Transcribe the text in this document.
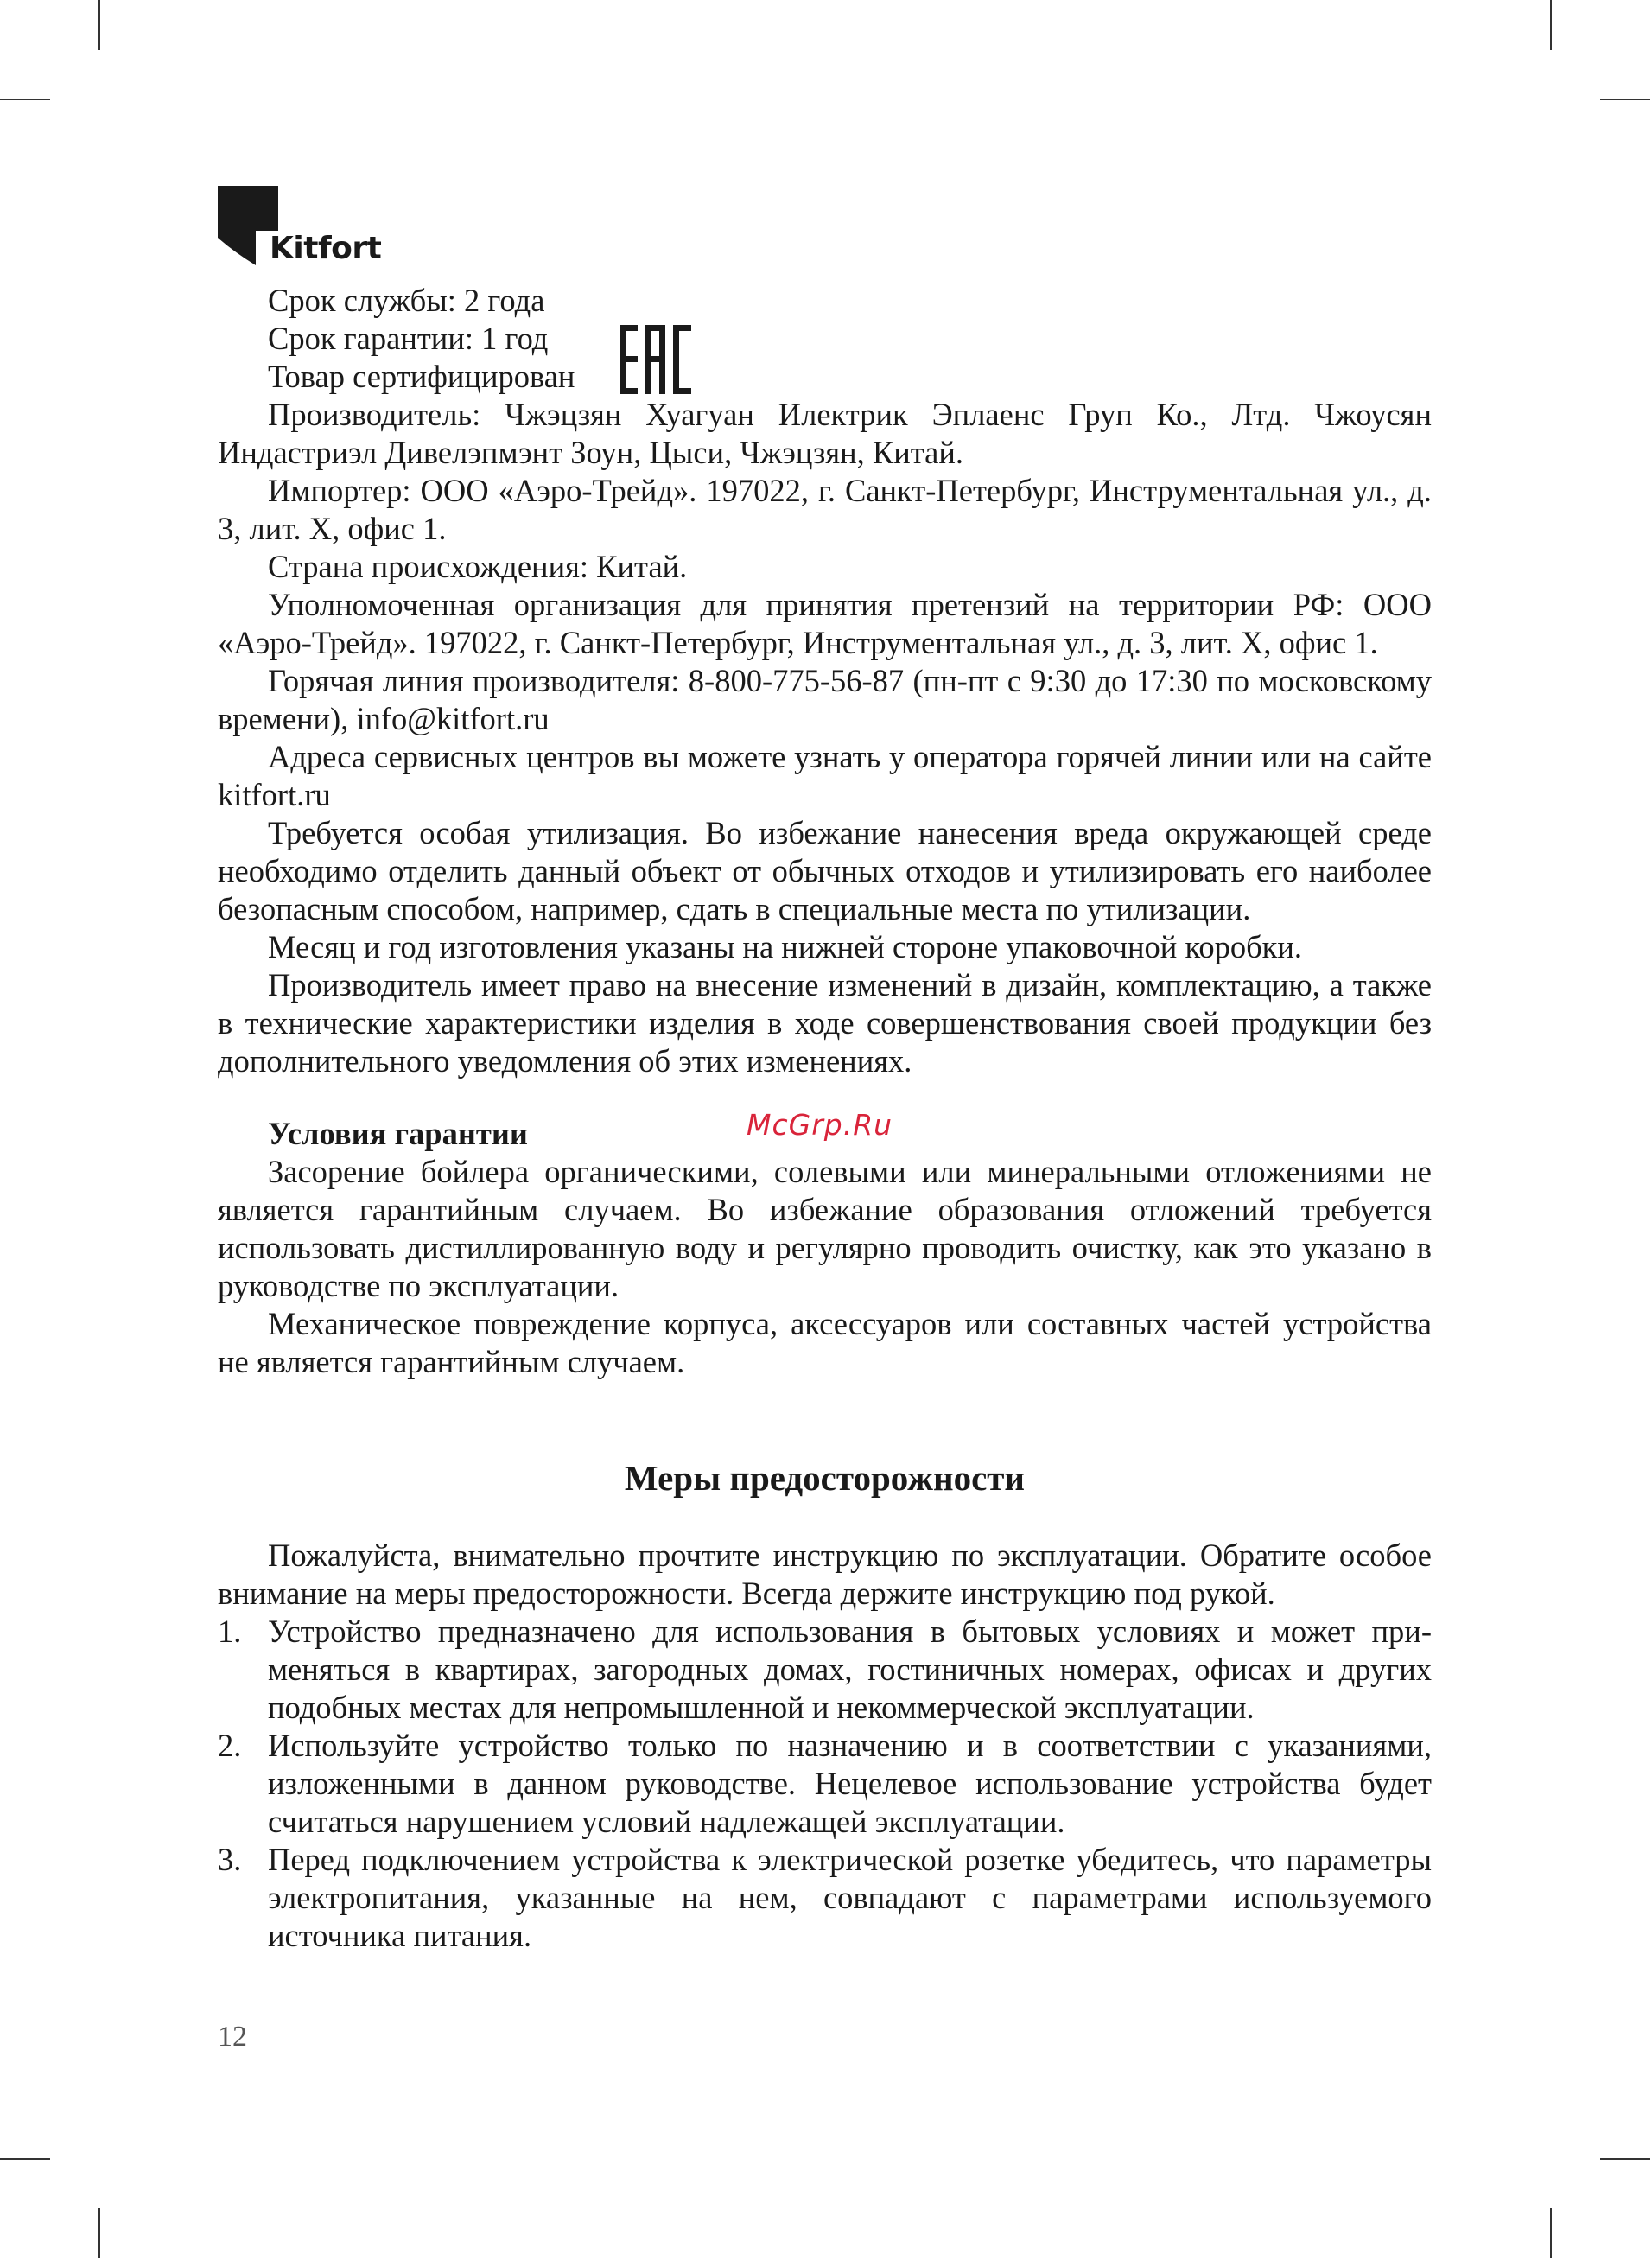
Kitfort

Срок службы: 2 года

Срок гарантии: 1 год

Товар сертифицирован

Производитель: Чжэцзян Хуагуан Илектрик Эплаенс Груп Ко., Лтд. Чжоусян Индастриэл Дивелэпмэнт Зоун, Цыси, Чжэцзян, Китай.

Импортер: ООО «Аэро-Трейд». 197022, г. Санкт-Петербург, Инструментальная ул., д. 3, лит. Х, офис 1.

Страна происхождения: Китай.

Уполномоченная организация для принятия претензий на территории РФ: ООО «Аэро-Трейд». 197022, г. Санкт-Петербург, Инструментальная ул., д. 3, лит. Х, офис 1.

Горячая линия производителя: 8-800-775-56-87 (пн-пт с 9:30 до 17:30 по московскому времени), info@kitfort.ru

Адреса сервисных центров вы можете узнать у оператора горячей линии или на сайте kitfort.ru

Требуется особая утилизация. Во избежание нанесения вреда окружающей среде необходимо отделить данный объект от обычных отходов и утилизировать его наиболее безопасным способом, например, сдать в специальные места по утилизации.

Месяц и год изготовления указаны на нижней стороне упаковочной коробки.

Производитель имеет право на внесение изменений в дизайн, комплектацию, а также в технические характеристики изделия в ходе совершенствования своей продукции без дополнительного уведомления об этих изменениях.

Условия гарантии	McGrp.Ru

Засорение бойлера органическими, солевыми или минеральными отложениями не является гарантийным случаем. Во избежание образования отложений требуется использовать дистиллированную воду и регулярно проводить очистку, как это указано в руководстве по эксплуатации.

Механическое повреждение корпуса, аксессуаров или составных частей устройства не является гарантийным случаем.

Меры предосторожности

Пожалуйста, внимательно прочтите инструкцию по эксплуатации. Обратите особое внимание на меры предосторожности. Всегда держите инструкцию под рукой.

1. Устройство предназначено для использования в бытовых условиях и может применяться в квартирах, загородных домах, гостиничных номерах, офисах и других подобных местах для непромышленной и некоммерческой эксплуатации.
2. Используйте устройство только по назначению и в соответствии с указаниями, изложенными в данном руководстве. Нецелевое использование устройства будет считаться нарушением условий надлежащей эксплуатации.
3. Перед подключением устройства к электрической розетке убедитесь, что параметры электропитания, указанные на нем, совпадают с параметрами используемого источника питания.
12
